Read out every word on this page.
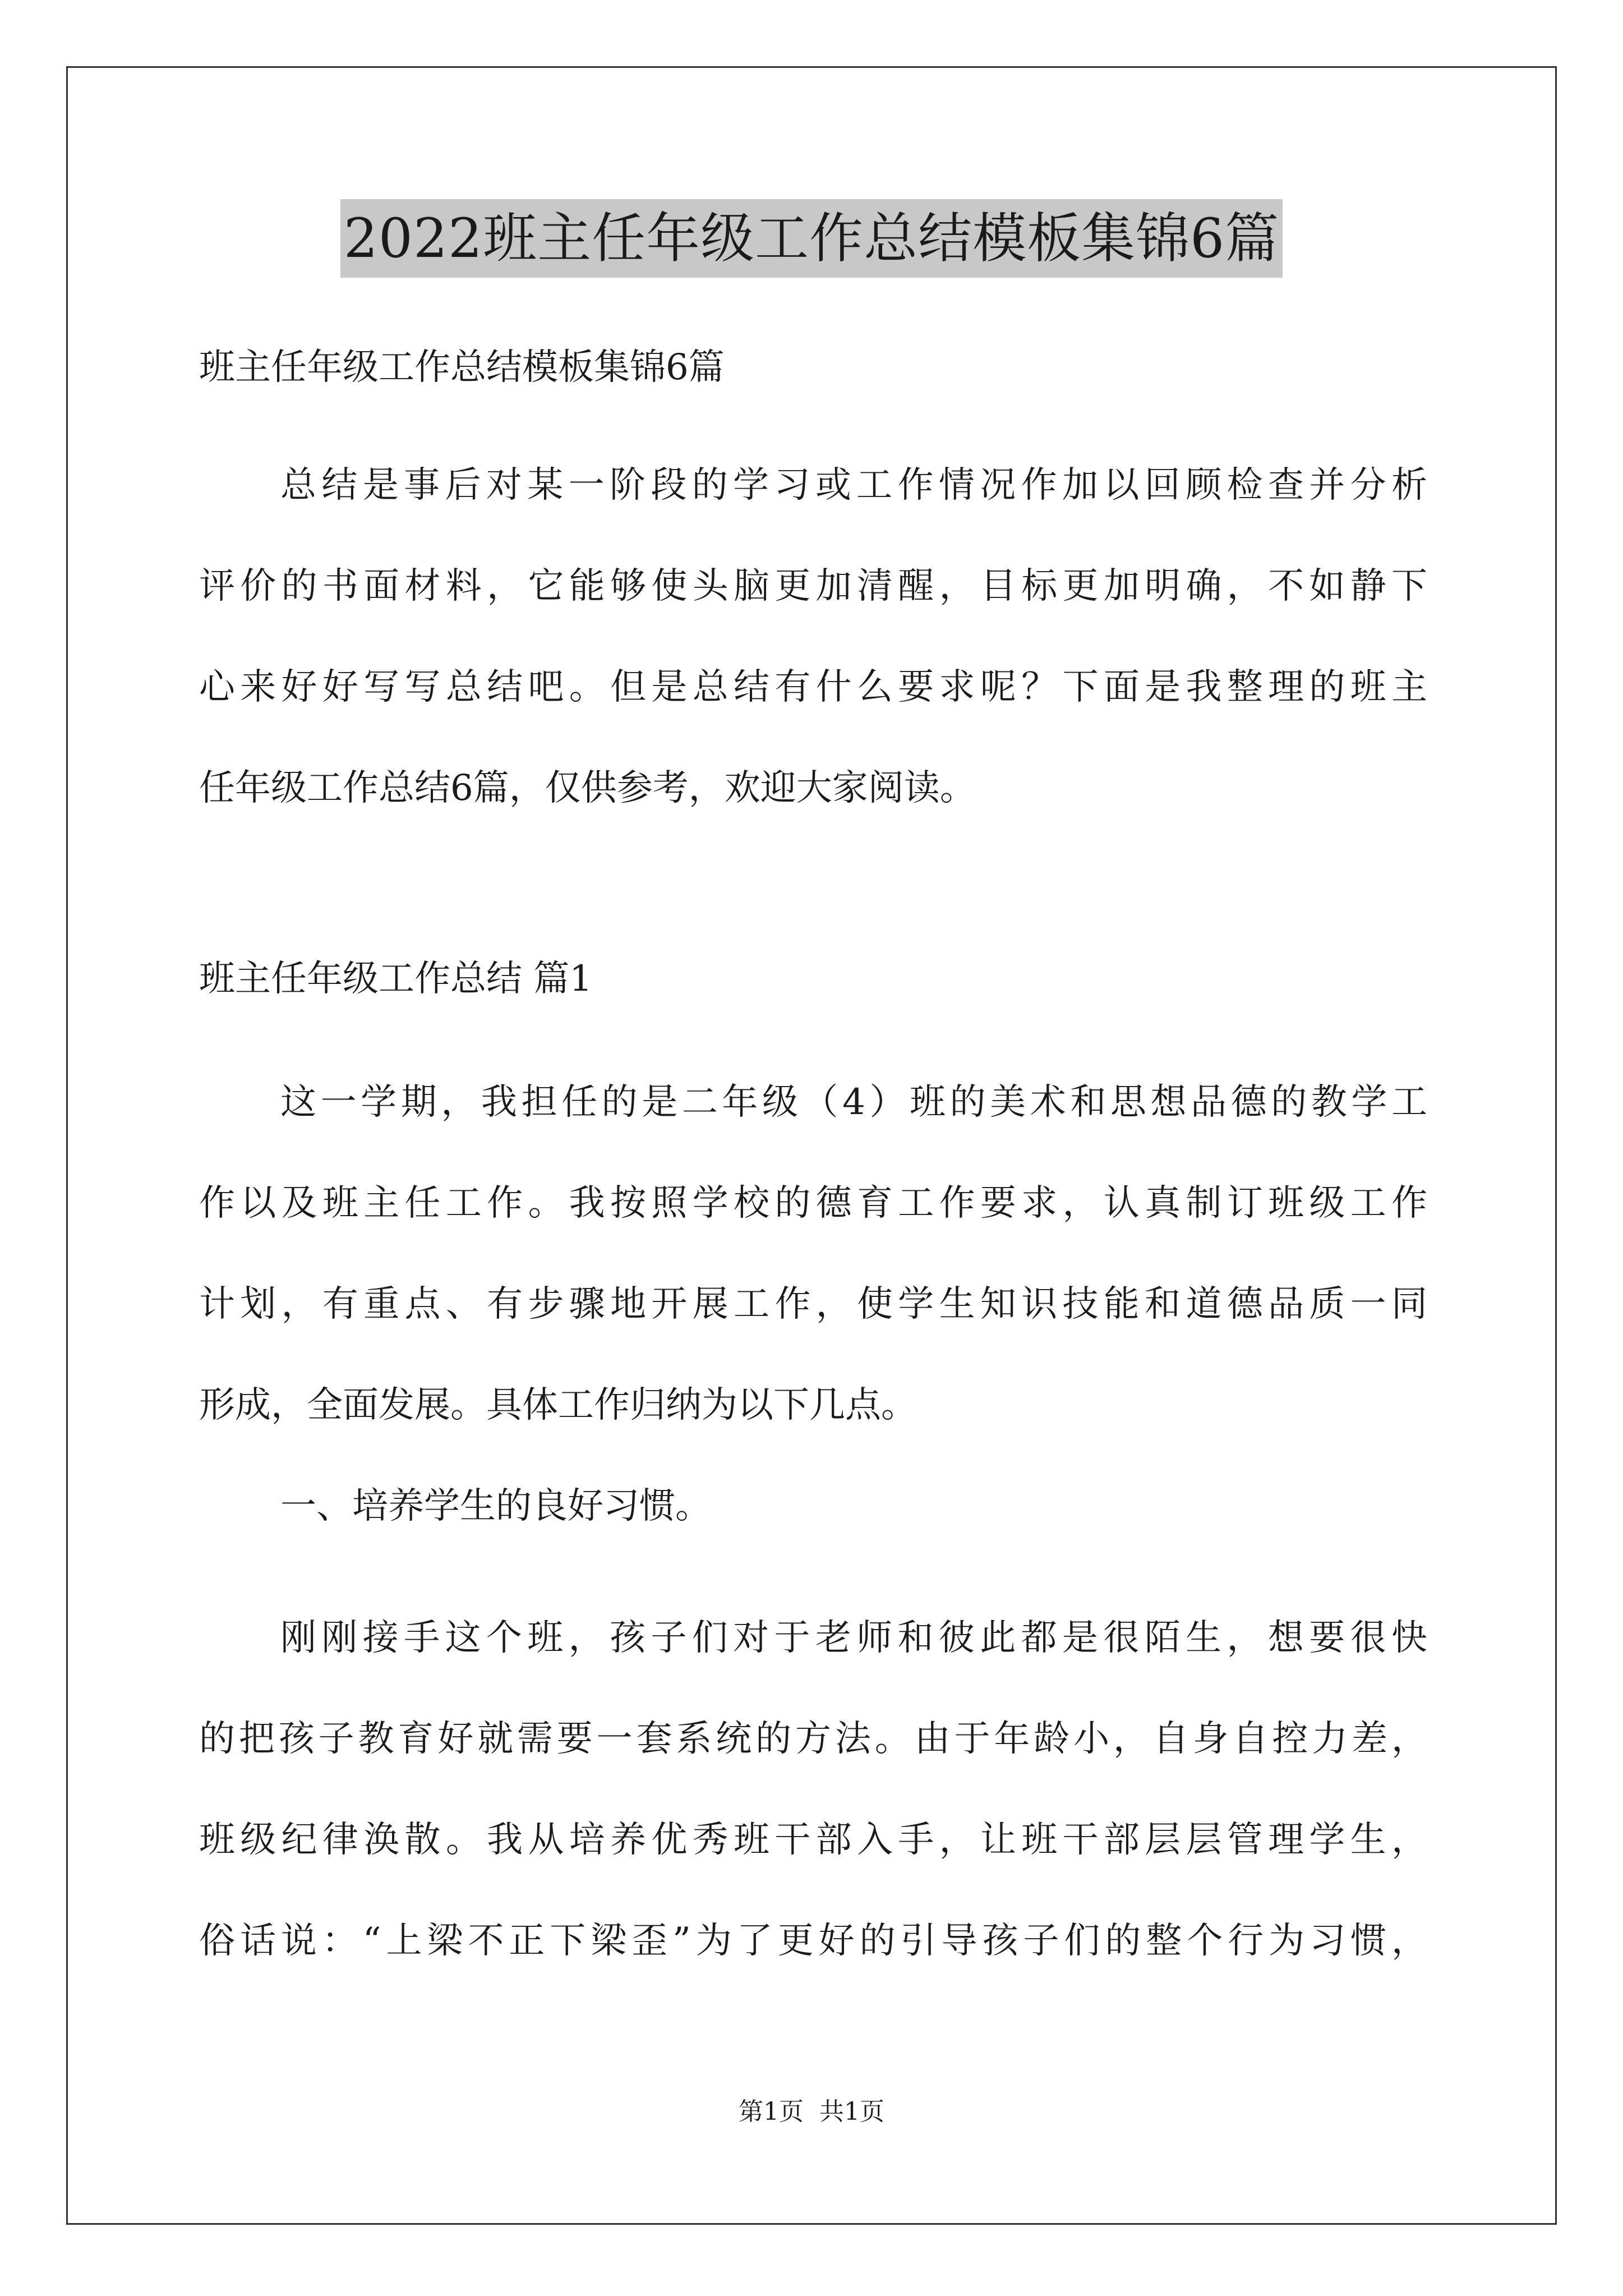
2022班主任年级工作总结模板集锦6篇
班主任年级工作总结模板集锦6篇
总结是事后对某一阶段的学习或工作情况作加以回顾检查并分析
评价的书面材料，它能够使头脑更加清醒，目标更加明确，不如静下
心来好好写写总结吧。但是总结有什么要求呢？下面是我整理的班主
任年级工作总结6篇，仅供参考，欢迎大家阅读。
班主任年级工作总结 篇1
这一学期，我担任的是二年级（4）班的美术和思想品德的教学工
作以及班主任工作。我按照学校的德育工作要求，认真制订班级工作
计划，有重点、有步骤地开展工作，使学生知识技能和道德品质一同
形成，全面发展。具体工作归纳为以下几点。
一、培养学生的良好习惯。
刚刚接手这个班，孩子们对于老师和彼此都是很陌生，想要很快
的把孩子教育好就需要一套系统的方法。由于年龄小，自身自控力差，
班级纪律涣散。我从培养优秀班干部入手，让班干部层层管理学生，
俗话说：“上梁不正下梁歪”为了更好的引导孩子们的整个行为习惯，
第1页 共1页
